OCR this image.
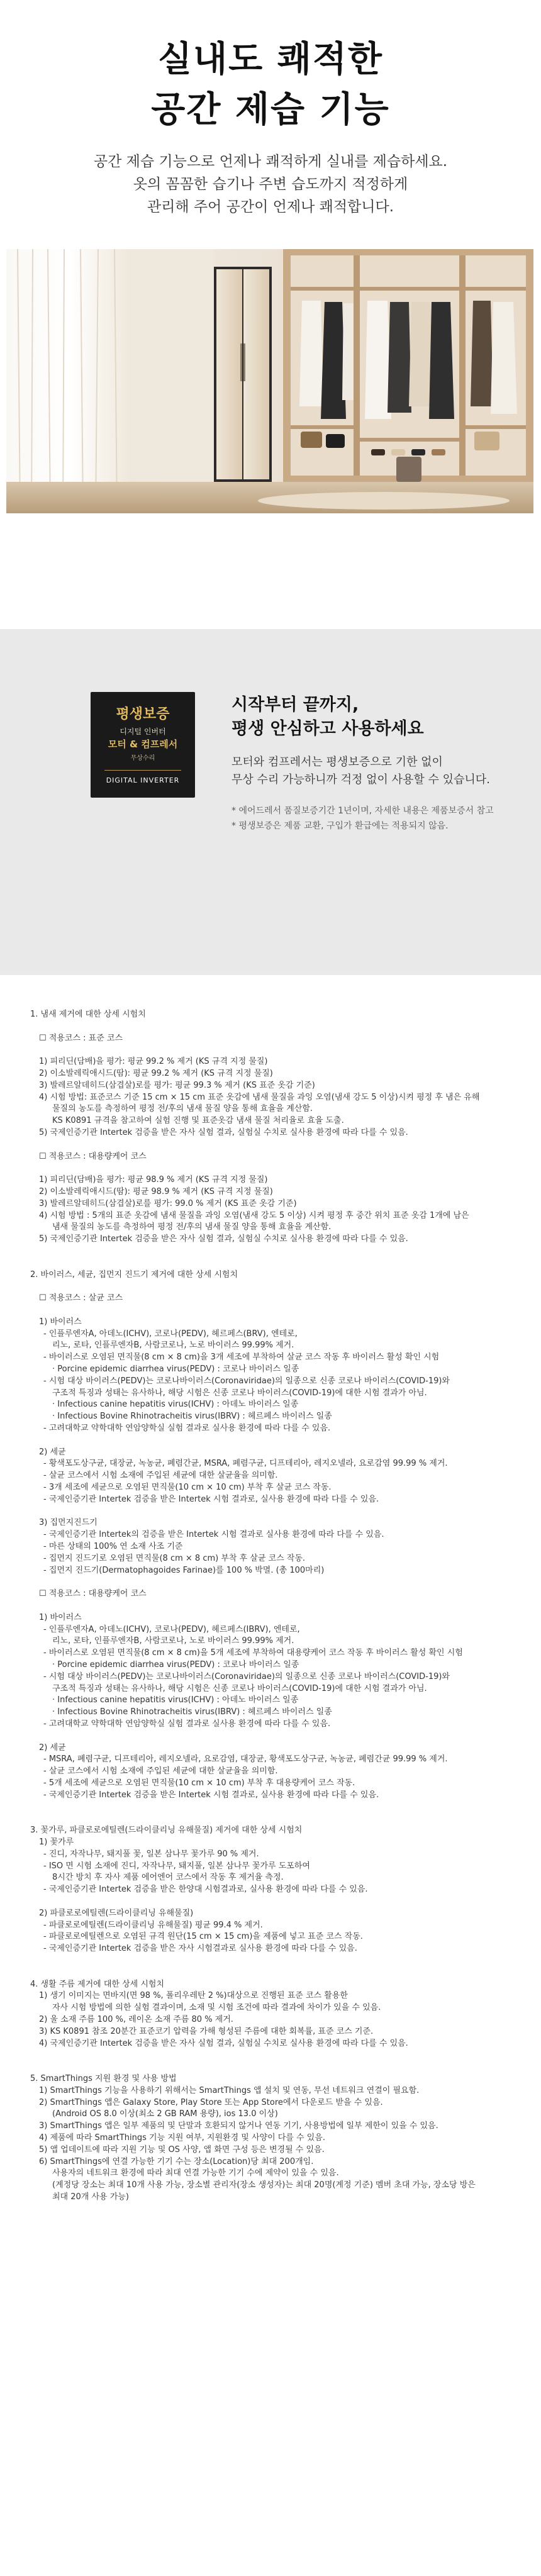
실내도 쾌적한
공간 제습 기능
공간 제습 기능으로 언제나 쾌적하게 실내를 제습하세요.
옷의 꼼꼼한 습기나 주변 습도까지 적정하게
관리해 주어 공간이 언제나 쾌적합니다.
평생보증
디지털 인버터
모터 & 컴프레서
무상수리
DIGITAL INVERTER
시작부터 끝까지,
평생 안심하고 사용하세요
모터와 컴프레서는 평생보증으로 기한 없이
무상 수리 가능하니까 걱정 없이 사용할 수 있습니다.
* 에어드레서 품질보증기간 1년이며, 자세한 내용은 제품보증서 참고
* 평생보증은 제품 교환, 구입가 환급에는 적용되지 않음.
1. 냄새 제거에 대한 상세 시험치
☐ 적용코스 : 표준 코스
1) 피리딘(담배)을 평가: 평균 99.2 % 제거 (KS 규격 지정 물질)
2) 이소발레릭애시드(땀): 평균 99.2 % 제거 (KS 규격 지정 물질)
3) 발레르알데히드(삼겹살)로를 평가: 평균 99.3 % 제거 (KS 표준 옷감 기준)
4) 시험 방법: 표준코스 기준 15 cm × 15 cm 표준 옷감에 냄새 물질을 과잉 오염(냄새 강도 5 이상)시켜 평정 후 냄은 유해
물질의 농도를 측정하여 평정 전/후의 냄새 물질 양을 통해 효율을 계산함.
KS K0891 규격을 참고하여 실험 진행 및 표준옷감 냄새 물질 처리율로 효율 도출.
5) 국제인증기관 Intertek 검증을 받은 자사 실험 결과, 실험실 수치로 실사용 환경에 따라 다를 수 있음.
☐ 적용코스 : 대용량케어 코스
1) 피리딘(담배)을 평가: 평균 98.9 % 제거 (KS 규격 지정 물질)
2) 이소발레릭애시드(땀): 평균 98.9 % 제거 (KS 규격 지정 물질)
3) 발레르알데히드(삼겹살)로를 평가: 99.0 % 제거 (KS 표준 옷감 기준)
4) 시험 방법 : 5개의 표준 옷감에 냄새 물질을 과잉 오염(냄새 강도 5 이상) 시켜 평정 후 중간 위치 표준 옷감 1개에 남은
냄새 물질의 농도를 측정하여 평정 전/후의 냄새 물질 양을 통해 효율을 계산함.
5) 국제인증기관 Intertek 검증을 받은 자사 실험 결과, 실험실 수치로 실사용 환경에 따라 다를 수 있음.
2. 바이러스, 세균, 집먼지 진드기 제거에 대한 상세 시험치
☐ 적용코스 : 살균 코스
1) 바이러스
- 인플루엔자A, 아데노(ICHV), 코로나(PEDV), 헤르페스(BRV), 엔테로,
리노, 로타, 인플루엔자B, 사람코로나, 노로 바이러스 99.99% 제거.
- 바이러스로 오염된 면직물(8 cm × 8 cm)을 3개 세조에 부착하여 살균 코스 작동 후 바이러스 활성 확인 시험
· Porcine epidemic diarrhea virus(PEDV) : 코로나 바이러스 일종
- 시험 대상 바이러스(PEDV)는 코로나바이러스(Coronaviridae)의 일종으로 신종 코로나 바이러스(COVID-19)와
구조적 특징과 성태는 유사하나, 해당 시험은 신종 코로나 바이러스(COVID-19)에 대한 시험 결과가 아님.
· Infectious canine hepatitis virus(ICHV) : 아데노 바이러스 일종
· Infectious Bovine Rhinotracheitis virus(IBRV) : 헤르페스 바이러스 일종
- 고려대학교 약학대학 연암양학실 실험 결과로 실사용 환경에 따라 다를 수 있음.
2) 세균
- 황색포도상구균, 대장균, 녹농균, 폐렴간균, MSRA, 폐렴구균, 디프테리아, 레지오넬라, 요로감염 99.99 % 제거.
- 살균 코스에서 시험 소재에 주입된 세균에 대한 살균율을 의미함.
- 3개 세조에 세균으로 오염된 면직물(10 cm × 10 cm) 부착 후 살균 코스 작동.
- 국제인증기관 Intertek 검증을 받은 Intertek 시험 결과로, 실사용 환경에 따라 다를 수 있음.
3) 집먼지진드기
- 국제인증기관 Intertek의 검증을 받은 Intertek 시험 결과로 실사용 환경에 따라 다를 수 있음.
- 마른 상태의 100% 연 소재 사조 기준
- 집먼지 진드기로 오염된 면직물(8 cm × 8 cm) 부착 후 살균 코스 작동.
- 집먼지 진드기(Dermatophagoides Farinae)를 100 % 박멸. (총 100마리)
☐ 적용코스 : 대용량케어 코스
1) 바이러스
- 인플루엔자A, 아데노(ICHV), 코로나(PEDV), 헤르페스(IBRV), 엔테로,
리노, 로타, 인플루엔자B, 사람코로나, 노로 바이러스 99.99% 제거.
- 바이러스로 오염된 면직물(8 cm × 8 cm)을 5개 세조에 부착하여 대용량케어 코스 작동 후 바이러스 활성 확인 시험
· Porcine epidemic diarrhea virus(PEDV) : 코로나 바이러스 일종
- 시험 대상 바이러스(PEDV)는 코로나바이러스(Coronaviridae)의 일종으로 신종 코로나 바이러스(COVID-19)와
구조적 특징과 성태는 유사하나, 해당 시험은 신종 코로나 바이러스(COVID-19)에 대한 시험 결과가 아님.
· Infectious canine hepatitis virus(ICHV) : 아데노 바이러스 일종
· Infectious Bovine Rhinotracheitis virus(IBRV) : 헤르페스 바이러스 일종
- 고려대학교 약학대학 연암양학실 실험 결과로 실사용 환경에 따라 다를 수 있음.
2) 세균
- MSRA, 폐렴구균, 디프테리아, 레지오넬라, 요로감염, 대장균, 황색포도상구균, 녹농균, 폐렴간균 99.99 % 제거.
- 살균 코스에서 시험 소재에 주입된 세균에 대한 살균율을 의미함.
- 5개 세조에 세균으로 오염된 면직물(10 cm × 10 cm) 부착 후 대용량케어 코스 작동.
- 국제인증기관 Intertek 검증을 받은 Intertek 시험 결과로, 실사용 환경에 따라 다를 수 있음.
3. 꽃가루, 파클로로에틸렌(드라이클리닝 유해물질) 제거에 대한 상세 시험치
1) 꽃가루
- 진디, 자작나무, 돼지풀 꽃, 일본 삼나무 꽃가루 90 % 제거.
- ISO 면 시험 소재에 진디, 자작나무, 돼지풀, 일본 삼나무 꽃가루 도포하여
8시간 방치 후 자사 제품 에어엔어 코스에서 작동 후 제거율 측정.
- 국제인증기관 Intertek 검증을 받은 한양대 시험결과로, 실사용 환경에 따라 다를 수 있음.
2) 파클로로에틸렌(드라이클리닝 유해물질)
- 파클로로에틸렌(드라이클리닝 유해물질) 평균 99.4 % 제거.
- 파클로로에틸렌으로 오염된 규격 원단(15 cm × 15 cm)을 제품에 넣고 표준 코스 작동.
- 국제인증기관 Intertek 검증을 받은 자사 시험결과로 실사용 환경에 따라 다를 수 있음.
4. 생활 주름 제거에 대한 상세 시험치
1) 생기 이미지는 면바지(면 98 %, 폴리우레탄 2 %)대상으로 진행된 표준 코스 활용한
자사 시험 방법에 의한 실험 결과이며, 소재 및 시험 조건에 따라 결과에 차이가 있을 수 있음.
2) 울 소재 주름 100 %, 레이온 소재 주름 80 % 제거.
3) KS K0891 참조 20분간 표준코기 압력을 가해 형성된 주름에 대한 회복률, 표준 코스 기준.
4) 국제인증기관 Intertek 검증을 받은 자사 실험 결과, 실험실 수치로 실사용 환경에 따라 다를 수 있음.
5. SmartThings 지원 환경 및 사용 방법
1) SmartThings 기능을 사용하기 위해서는 SmartThings 앱 설치 및 연동, 무선 네트워크 연결이 필요함.
2) SmartThings 앱은 Galaxy Store, Play Store 또는 App Store에서 다운로드 받을 수 있음.
(Android OS 8.0 이상(최소 2 GB RAM 용량), ios 13.0 이상)
3) SmartThings 앱은 일부 제품의 및 단말과 호환되지 않거나 연동 기기, 사용방법에 일부 제한이 있을 수 있음.
4) 제품에 따라 SmartThings 기능 지원 여부, 지원환경 및 사양이 다를 수 있음.
5) 앱 업데이트에 따라 지원 기능 및 OS 사양, 앱 화면 구성 등은 변경될 수 있음.
6) SmartThings에 연결 가능한 기기 수는 장소(Location)당 최대 200개임.
사용자의 네트워크 환경에 따라 최대 연결 가능한 기기 수에 제약이 있을 수 있음.
(계정당 장소는 최대 10개 사용 가능, 장소별 관리자(장소 생성자)는 최대 20명(계정 기준) 멤버 초대 가능, 장소당 방은
최대 20개 사용 가능)
